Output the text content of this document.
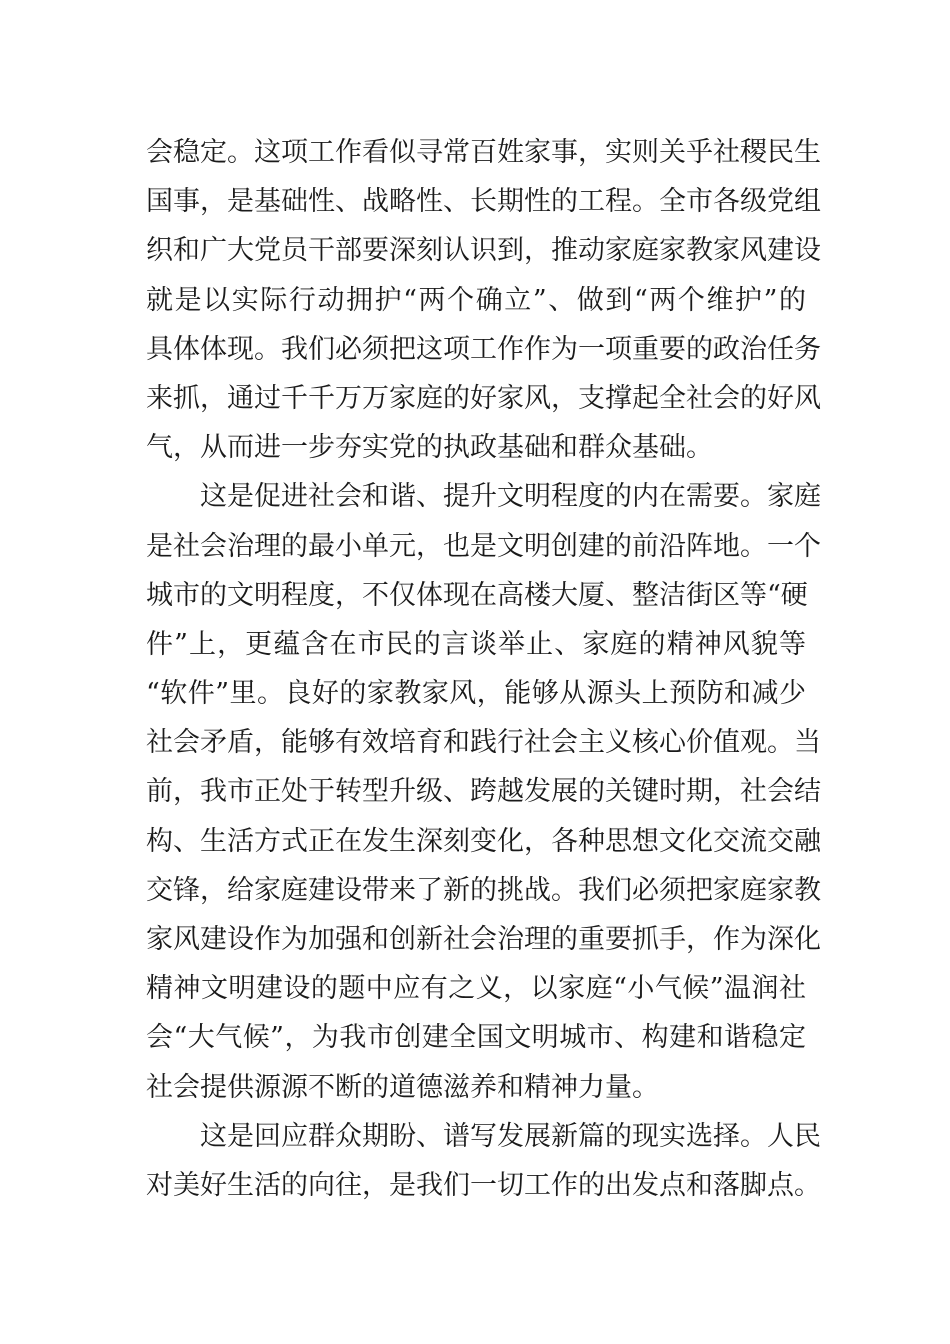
会稳定。这项工作看似寻常百姓家事，实则关乎社稷民生
国事，是基础性、战略性、长期性的工程。全市各级党组
织和广大党员干部要深刻认识到，推动家庭家教家风建设
就是以实际行动拥护“两个确立”、做到“两个维护”的
具体体现。我们必须把这项工作作为一项重要的政治任务
来抓，通过千千万万家庭的好家风，支撑起全社会的好风
气，从而进一步夯实党的执政基础和群众基础。
这是促进社会和谐、提升文明程度的内在需要。家庭
是社会治理的最小单元，也是文明创建的前沿阵地。一个
城市的文明程度，不仅体现在高楼大厦、整洁街区等“硬
件”上，更蕴含在市民的言谈举止、家庭的精神风貌等
“软件”里。良好的家教家风，能够从源头上预防和减少
社会矛盾，能够有效培育和践行社会主义核心价值观。当
前，我市正处于转型升级、跨越发展的关键时期，社会结
构、生活方式正在发生深刻变化，各种思想文化交流交融
交锋，给家庭建设带来了新的挑战。我们必须把家庭家教
家风建设作为加强和创新社会治理的重要抓手，作为深化
精神文明建设的题中应有之义，以家庭“小气候”温润社
会“大气候”，为我市创建全国文明城市、构建和谐稳定
社会提供源源不断的道德滋养和精神力量。
这是回应群众期盼、谱写发展新篇的现实选择。人民
对美好生活的向往，是我们一切工作的出发点和落脚点。
